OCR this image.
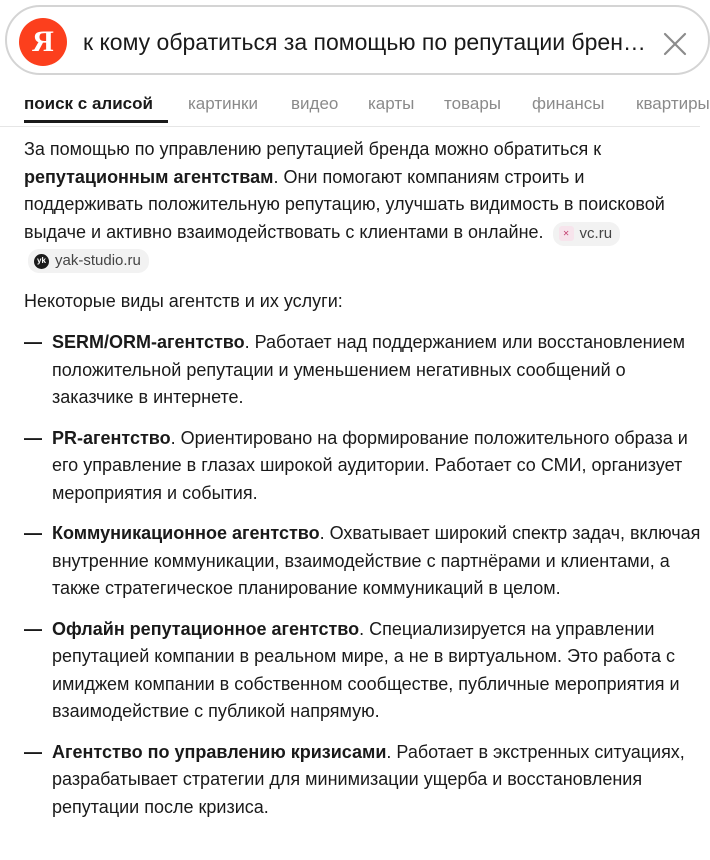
Я	к кому обратиться за помощью по репутации брен…
поиск с алисой картинки видео карты товары финансы квартиры

За помощью по управлению репутацией бренда можно обратиться к репутационным агентствам. Они помогают компаниям строить и поддерживать положительную репутацию, улучшать видимость в поисковой выдаче и активно взаимодействовать с клиентами в онлайне.	✕ vc.ru

yk yak-studio.ru

Некоторые виды агентств и их услуги:

— SERM/ORM-агентство. Работает над поддержанием или восстановлением положительной репутации и уменьшением негативных сообщений о заказчике в интернете.
— PR-агентство. Ориентировано на формирование положительного образа и его управление в глазах широкой аудитории. Работает со СМИ, организует мероприятия и события.
— Коммуникационное агентство. Охватывает широкий спектр задач, включая внутренние коммуникации, взаимодействие с партнёрами и клиентами, а также стратегическое планирование коммуникаций в целом.
— Офлайн репутационное агентство. Специализируется на управлении репутацией компании в реальном мире, а не в виртуальном. Это работа с имиджем компании в собственном сообществе, публичные мероприятия и взаимодействие с публикой напрямую.
— Агентство по управлению кризисами. Работает в экстренных ситуациях, разрабатывает стратегии для минимизации ущерба и восстановления репутации после кризиса.
